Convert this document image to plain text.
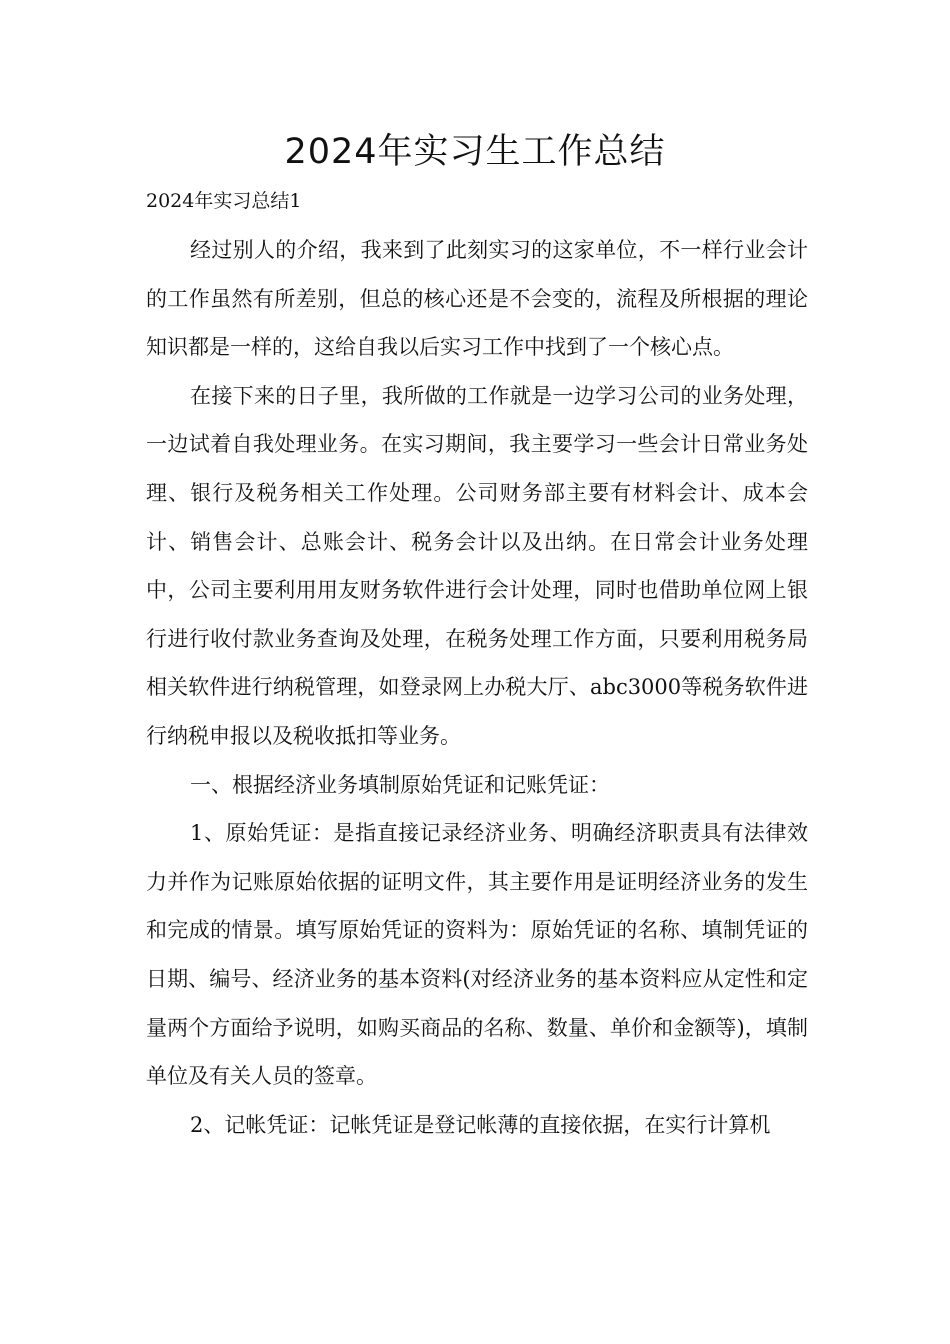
2024年实习生工作总结

2024年实习总结1

经过别人的介绍，我来到了此刻实习的这家单位，不一样行业会计的工作虽然有所差别，但总的核心还是不会变的，流程及所根据的理论知识都是一样的，这给自我以后实习工作中找到了一个核心点。

在接下来的日子里，我所做的工作就是一边学习公司的业务处理，一边试着自我处理业务。在实习期间，我主要学习一些会计日常业务处理、银行及税务相关工作处理。公司财务部主要有材料会计、成本会计、销售会计、总账会计、税务会计以及出纳。在日常会计业务处理中，公司主要利用用友财务软件进行会计处理，同时也借助单位网上银行进行收付款业务查询及处理，在税务处理工作方面，只要利用税务局相关软件进行纳税管理，如登录网上办税大厅、abc3000等税务软件进行纳税申报以及税收抵扣等业务。

一、根据经济业务填制原始凭证和记账凭证：

1、原始凭证：是指直接记录经济业务、明确经济职责具有法律效力并作为记账原始依据的证明文件，其主要作用是证明经济业务的发生和完成的情景。填写原始凭证的资料为：原始凭证的名称、填制凭证的日期、编号、经济业务的基本资料(对经济业务的基本资料应从定性和定量两个方面给予说明，如购买商品的名称、数量、单价和金额等)，填制单位及有关人员的签章。

2、记帐凭证：记帐凭证是登记帐薄的直接依据，在实行计算机
